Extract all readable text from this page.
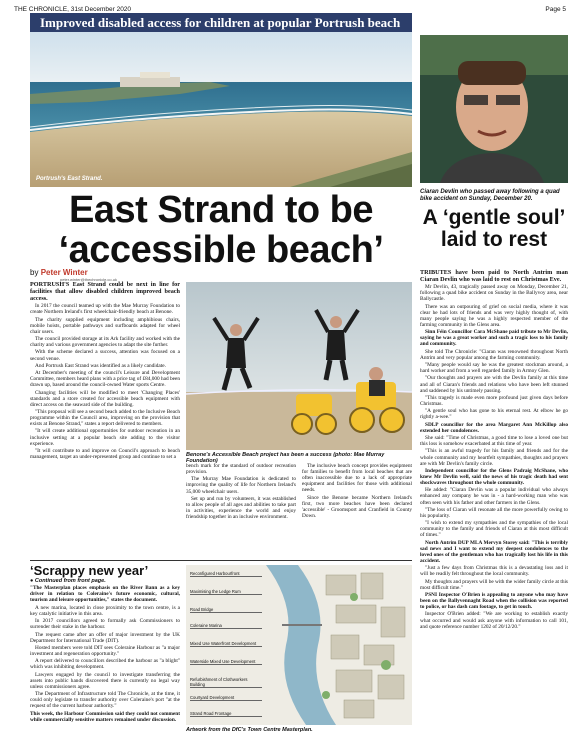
THE CHRONICLE, 31st December 2020	Page 5
Improved disabled access for children at popular Portrush beach
Portrush's East Strand.
Ciaran Devlin who passed away following a quad bike accident on Sunday, December 20.
East Strand to be
‘accessible beach’
A ‘gentle soul’ laid to rest
by Peter Winter
peter.winter@thechronicle.co.uk

PORTRUSH'S East Strand could be next in line for facilities that allow disabled children improved beach access.

In 2017 the council teamed up with the Mae Murray Foundation to create Northern Ireland's first wheelchair-friendly beach at Benone.

The charity supplied equipment including amphibious chairs, mobile hoists, portable pathways and surfboards adapted for wheel chair users.

The council provided storage at its Ark facility and worked with the charity and various government agencies to adapt the site further.

With the scheme declared a success, attention was focused on a second venue.

And Portrush East Strand was identified as a likely candidate.

At December's meeting of the council's Leisure and Development Committee, members heard plans with a price tag of £84,000 had been drawn up, based around the council-owned Water sports Centre.

Changing facilities will be modified to meet 'Changing Places' standards and a store created for accessible beach equipment with direct access on the seaward side of the building.

"This proposal will see a second beach added to the Inclusive Beach programme within the Council area, improving on the provision that exists at Benone Strand," states a report delivered to members.

"It will create additional opportunities for outdoor recreation in an inclusive setting at a popular beach site adding to the visitor experience.

"It will contribute to and improve on Council's approach to beach management, target an under-represented group and continue to set a	Benone's Accessible Beach project has been a success (photo: Mae Murray Foundation)

bench mark for the standard of outdoor recreation provision.

The Murray Mae Foundation is dedicated to improving the quality of life for Northern Ireland's 35,000 wheelchair users.

Set up and run by volunteers, it was established to allow people of all ages and abilities to take part in activities, experience the world and enjoy friendship together in an inclusive environment.

The inclusive beach concept provides equipment for families to benefit from local beaches that are often inaccessible due to a lack of appropriate equipment and facilities for those with additional needs.

Since the Benone became Northern Ireland's first, two more beaches have been declared 'accessible' - Groomsport and Cranfield in County Down.

TRIBUTES have been paid to North Antrim man Ciaran Devlin who was laid to rest on Christmas Eve.

Mr Devlin, 43, tragically passed away on Monday, December 21, following a quad bike accident on Sunday in the Ballyvoy area, near Ballycastle.

There was an outpouring of grief on social media, where it was clear he had lots of friends and was very highly thought of, with many people saying he was a highly respected member of the farming community in the Glens area.

Sinn Féin Councillor Cara McShane paid tribute to Mr Devlin, saying he was a great worker and such a tragic loss to his family and community.

She told The Chronicle: "Ciaran was renowned throughout North Antrim and very popular among the farming community.

"Many people would say he was the greatest stockman around, a hard worker and from a well regarded family in Armoy Glen.

"Our thoughts and prayers are with the Devlin family at this time and all of Ciaran's friends and relations who have been left stunned and saddened by his untimely passing.

"This tragedy is made even more profound just given days before Christmas.

"A gentle soul who has gone to his eternal rest. At elbow he go rightly a-wee."

SDLP councillor for the area Margaret Ann McKillop also extended her condolences.

She said: "Time of Christmas, a good time to lose a loved one but this loss is somehow exacerbated at this time of year.

"This is an awful tragedy for his family and friends and for the whole community and my heartfelt sympathies, thoughts and prayers are with Mr Devlin's family circle.

Independent councillor for the Glens Padraig McShane, who knew Mr Devlin well, said the news of his tragic death had sent shockwaves throughout the whole community.

He added: "Ciaran Devlin was a popular individual who always enhanced any company he was in - a hard-working man who was often seen with his father and other farmers in the Glens.

"The loss of Ciaran will resonate all the more powerfully owing to his popularity.

"I wish to extend my sympathies and the sympathies of the local community to the family and friends of Ciaran at this most difficult of times."

North Antrim DUP MLA Mervyn Storey said: "This is terribly sad news and I want to extend my deepest condolences to the loved ones of the gentleman who has tragically lost his life in this accident.

"Just a few days from Christmas this is a devastating loss and it will be readily felt throughout the local community.

My thoughts and prayers will be with the wider family circle at this most difficult time."

PSNI Inspector O'Brien is appealing to anyone who may have been on the Ballyvennaght Road when the collision was reported to police, or has dash cam footage, to get in touch.

Inspector O'Brien added: "We are working to establish exactly what occurred and would ask anyone with information to call 101, and quote reference number 1202 of 20/12/20."

‘Scrappy new year’

● Continued from front page.

"The Masterplan places emphasis on the River Bann as a key driver in relation to Coleraine's future economic, cultural, tourism and leisure opportunities," states the document.

A new marina, located in close proximity to the town centre, is a key catalytic initiative in this area.

In 2017 councillors agreed to formally ask Commissioners to surrender their stake in the harbour.

The request came after an offer of major investment by the UK Department for International Trade (DIT).

Hosted members were told DIT sees Coleraine Harbour as "a major investment and regeneration opportunity."

A report delivered to councillors described the harbour as "a blight" which was inhibiting development.

Lawyers engaged by the council to investigate transferring the assets into public hands discovered there is currently no legal way unless commissioners agree.

The Department of Infrastructure told The Chronicle, at the time, it could only legislate to transfer authority over Coleraine's port "at the request of the current harbour authority."

This week, the Harbour Commission said they could not comment while commercially sensitive matters remained under discussion.

Reconfigured Harbourfront
Maximising the Ledge Rum
Road Bridge
Coleraine Marina
Mixed Use Waterfront Development
Waterside Mixed Use Development
Refurbishment of Clothworkers Building
Courtyard Development
Strand Road Frontage
Artwork from the DfC's Town Centre Masterplan.
